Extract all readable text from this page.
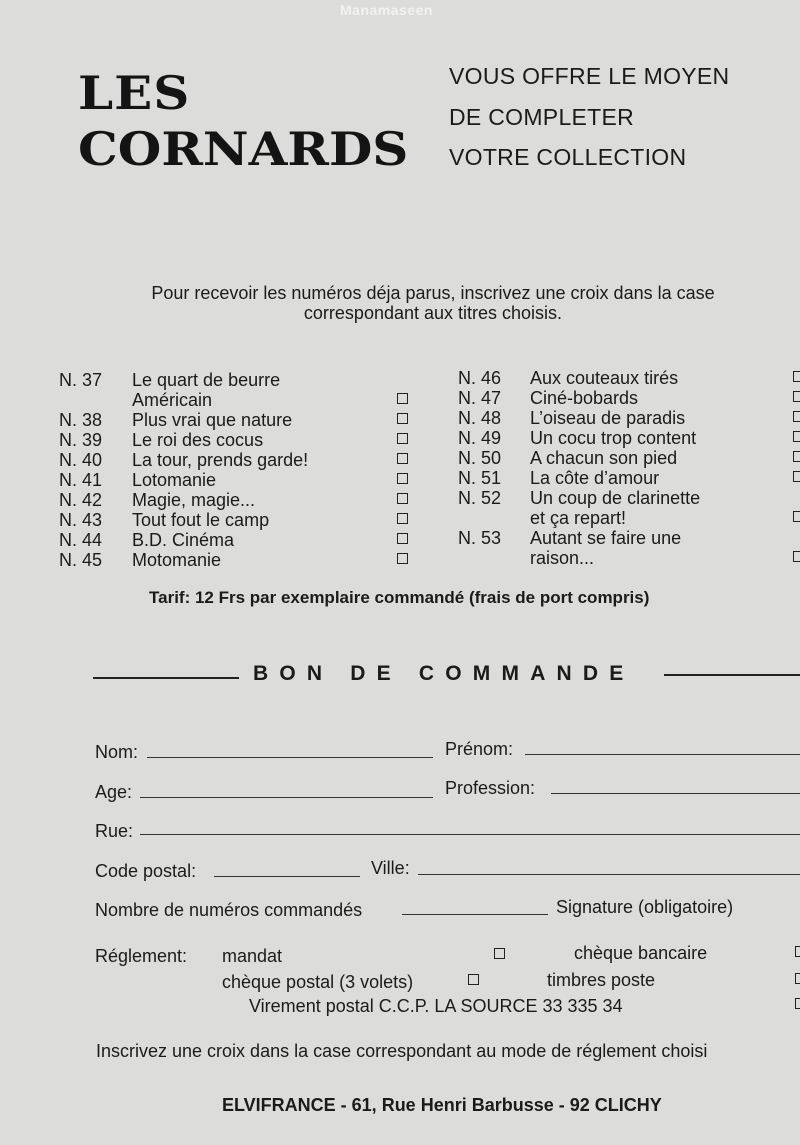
Manamaseen
LES
CORNARDS
VOUS OFFRE LE MOYEN
DE COMPLETER
VOTRE COLLECTION
Pour recevoir les numéros déja parus, inscrivez une croix dans la case
correspondant aux titres choisis.
N. 37 Le quart de beurre
Américain
N. 38 Plus vrai que nature
N. 39 Le roi des cocus
N. 40 La tour, prends garde!
N. 41 Lotomanie
N. 42 Magie, magie...
N. 43 Tout fout le camp
N. 44 B.D. Cinéma
N. 45 Motomanie
N. 46 Aux couteaux tirés
N. 47 Ciné-bobards
N. 48 L’oiseau de paradis
N. 49 Un cocu trop content
N. 50 A chacun son pied
N. 51 La côte d’amour
N. 52 Un coup de clarinette
et ça repart!
N. 53 Autant se faire une
raison...
Tarif: 12 Frs par exemplaire commandé (frais de port compris)
BON DE COMMANDE
Nom:	Prénom:
Age:	Profession:
Rue:
Code postal:	Ville:
Nombre de numéros commandés	Signature (obligatoire)
Réglement: mandat	chèque bancaire
chèque postal (3 volets)	timbres poste
Virement postal C.C.P. LA SOURCE 33 335 34
Inscrivez une croix dans la case correspondant au mode de réglement choisi
ELVIFRANCE - 61, Rue Henri Barbusse - 92 CLICHY
